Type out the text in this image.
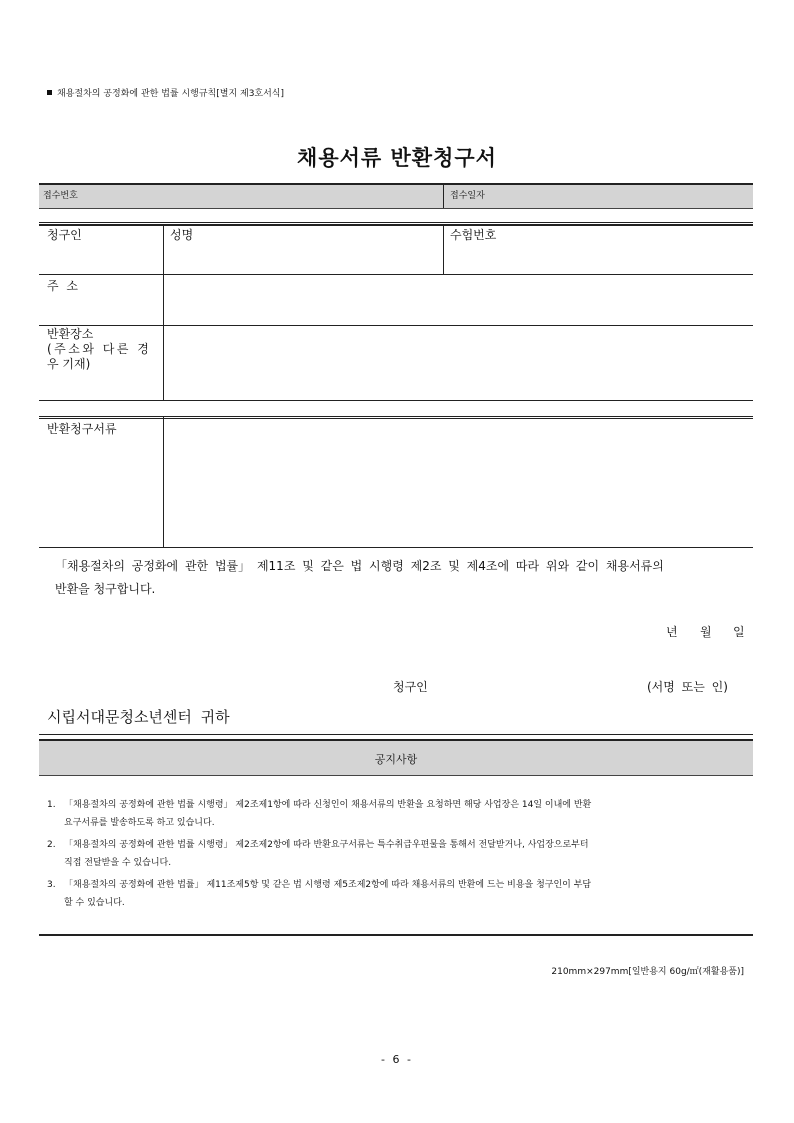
채용절차의 공정화에 관한 법률 시행규칙[별지 제3호서식]
채용서류 반환청구서
접수번호	접수일자
청구인	성명	수험번호
주 소
반환장소
(주소와 다른 경
우 기재)
반환청구서류
「채용절차의 공정화에 관한 법률」 제11조 및 같은 법 시행령 제2조 및 제4조에 따라 위와 같이 채용서류의
반환을 청구합니다.
년 월 일
청구인	(서명 또는 인)
시립서대문청소년센터 귀하
공지사항
1. 「채용절차의 공정화에 관한 법률 시행령」 제2조제1항에 따라 신청인이 채용서류의 반환을 요청하면 해당 사업장은 14일 이내에 반환
요구서류를 발송하도록 하고 있습니다.
2. 「채용절차의 공정화에 관한 법률 시행령」 제2조제2항에 따라 반환요구서류는 특수취급우편물을 통해서 전달받거나, 사업장으로부터
직접 전달받을 수 있습니다.
3. 「채용절차의 공정화에 관한 법률」 제11조제5항 및 같은 법 시행령 제5조제2항에 따라 채용서류의 반환에 드는 비용을 청구인이 부담
할 수 있습니다.
210mm×297mm[일반용지 60g/㎡(재활용품)]
- 6 -
